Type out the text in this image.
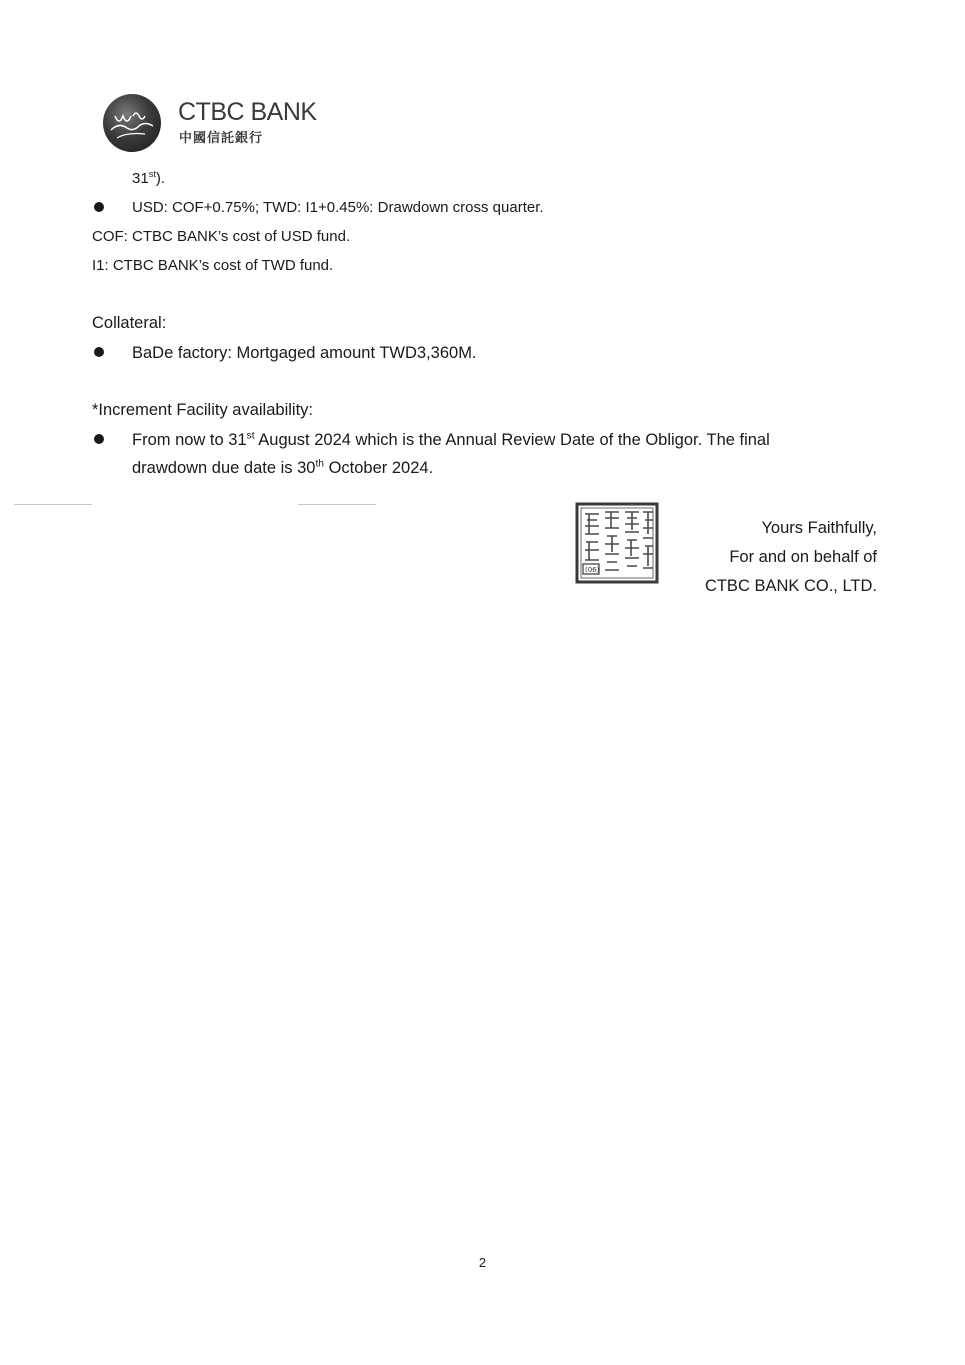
CTBC BANK
中國信託銀行
31st).
USD: COF+0.75%; TWD: I1+0.45%: Drawdown cross quarter.
COF: CTBC BANK’s cost of USD fund.
I1: CTBC BANK’s cost of TWD fund.
Collateral:
BaDe factory: Mortgaged amount TWD3,360M.
*Increment Facility availability:
From now to 31st August 2024 which is the Annual Review Date of the Obligor. The final
drawdown due date is 30th October 2024.
(06)
Yours Faithfully,
For and on behalf of
CTBC BANK CO., LTD.
2
